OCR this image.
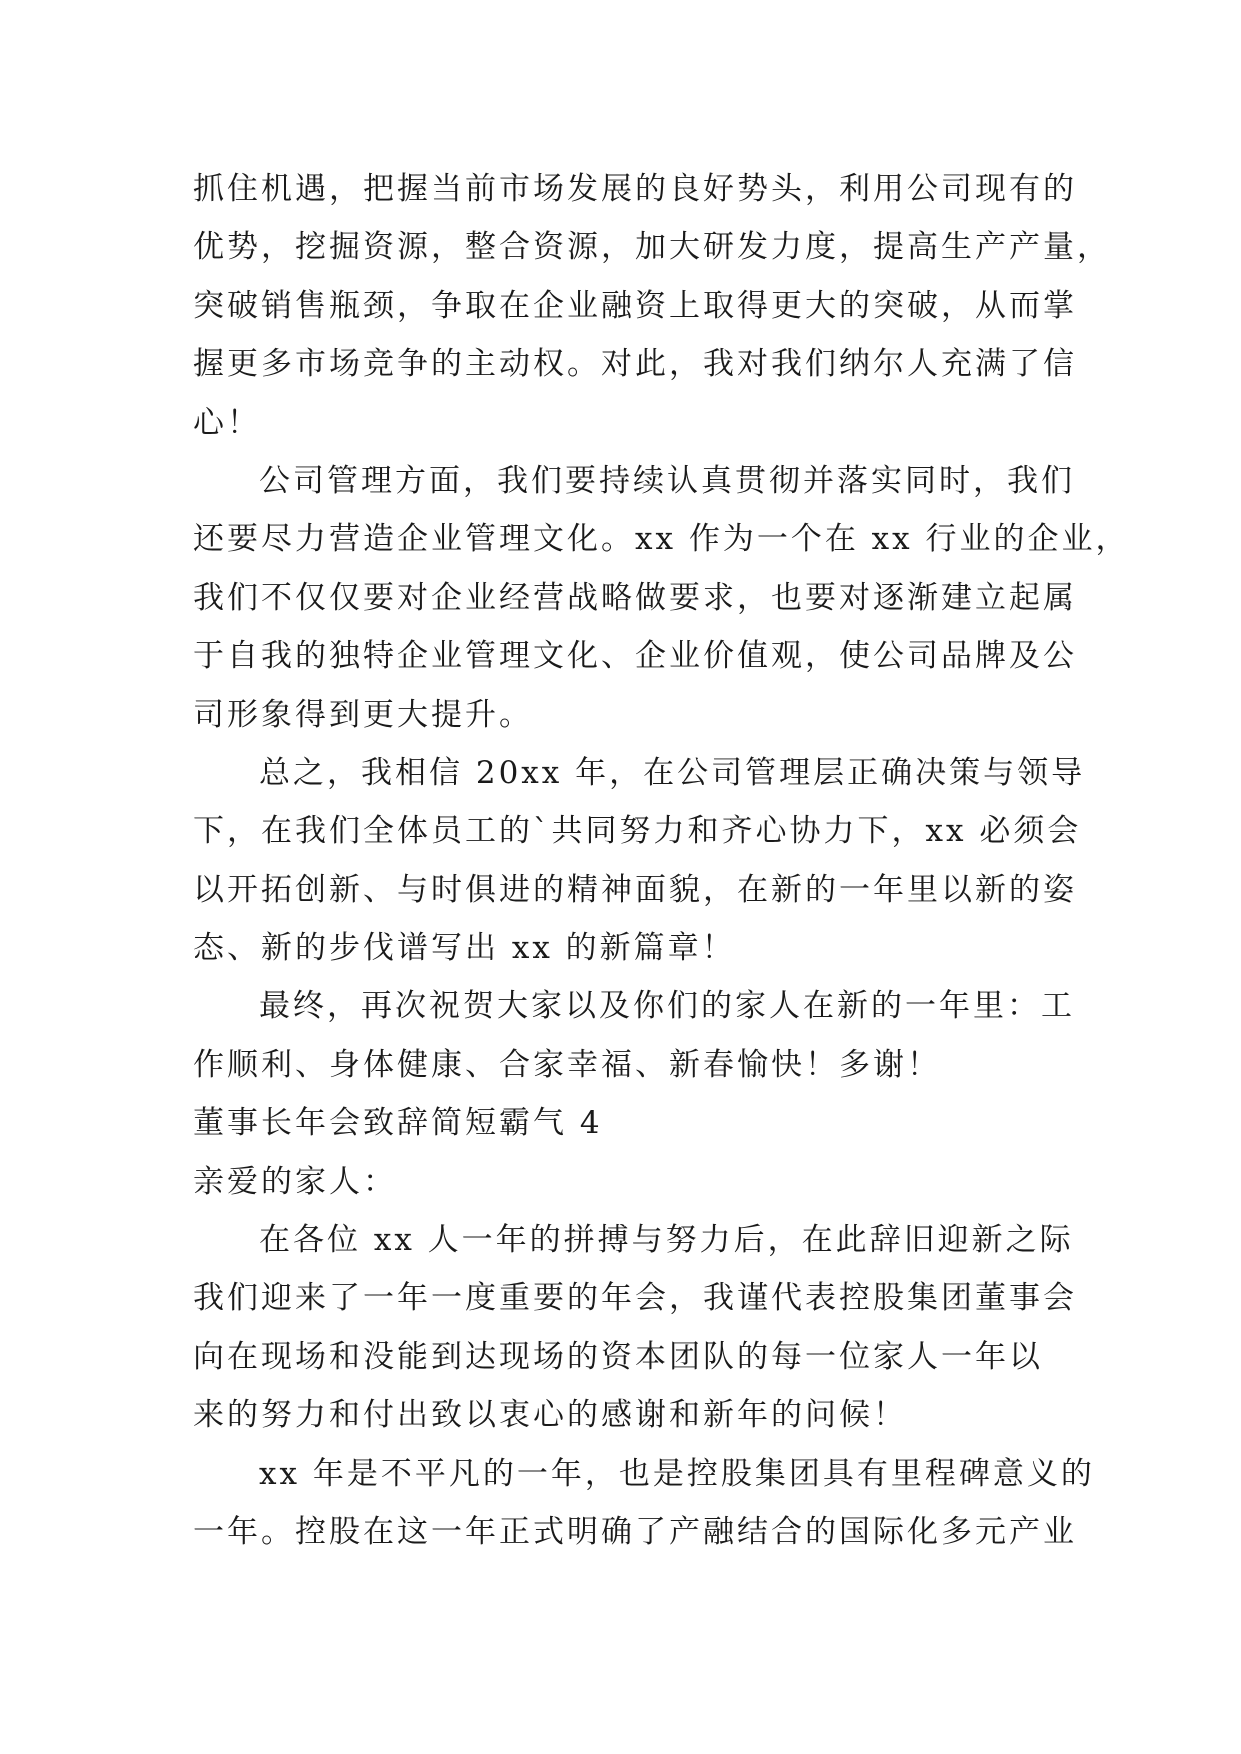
抓住机遇，把握当前市场发展的良好势头，利用公司现有的
优势，挖掘资源，整合资源，加大研发力度，提高生产产量，
突破销售瓶颈，争取在企业融资上取得更大的突破，从而掌
握更多市场竞争的主动权。对此，我对我们纳尔人充满了信
心！
公司管理方面，我们要持续认真贯彻并落实同时，我们
还要尽力营造企业管理文化。xx 作为一个在 xx 行业的企业，
我们不仅仅要对企业经营战略做要求，也要对逐渐建立起属
于自我的独特企业管理文化、企业价值观，使公司品牌及公
司形象得到更大提升。
总之，我相信 20xx 年，在公司管理层正确决策与领导
下，在我们全体员工的`共同努力和齐心协力下，xx 必须会
以开拓创新、与时俱进的精神面貌，在新的一年里以新的姿
态、新的步伐谱写出 xx 的新篇章！
最终，再次祝贺大家以及你们的家人在新的一年里：工
作顺利、身体健康、合家幸福、新春愉快！多谢！
董事长年会致辞简短霸气 4
亲爱的家人：
在各位 xx 人一年的拼搏与努力后，在此辞旧迎新之际
我们迎来了一年一度重要的年会，我谨代表控股集团董事会
向在现场和没能到达现场的资本团队的每一位家人一年以
来的努力和付出致以衷心的感谢和新年的问候！
xx 年是不平凡的一年，也是控股集团具有里程碑意义的
一年。控股在这一年正式明确了产融结合的国际化多元产业
